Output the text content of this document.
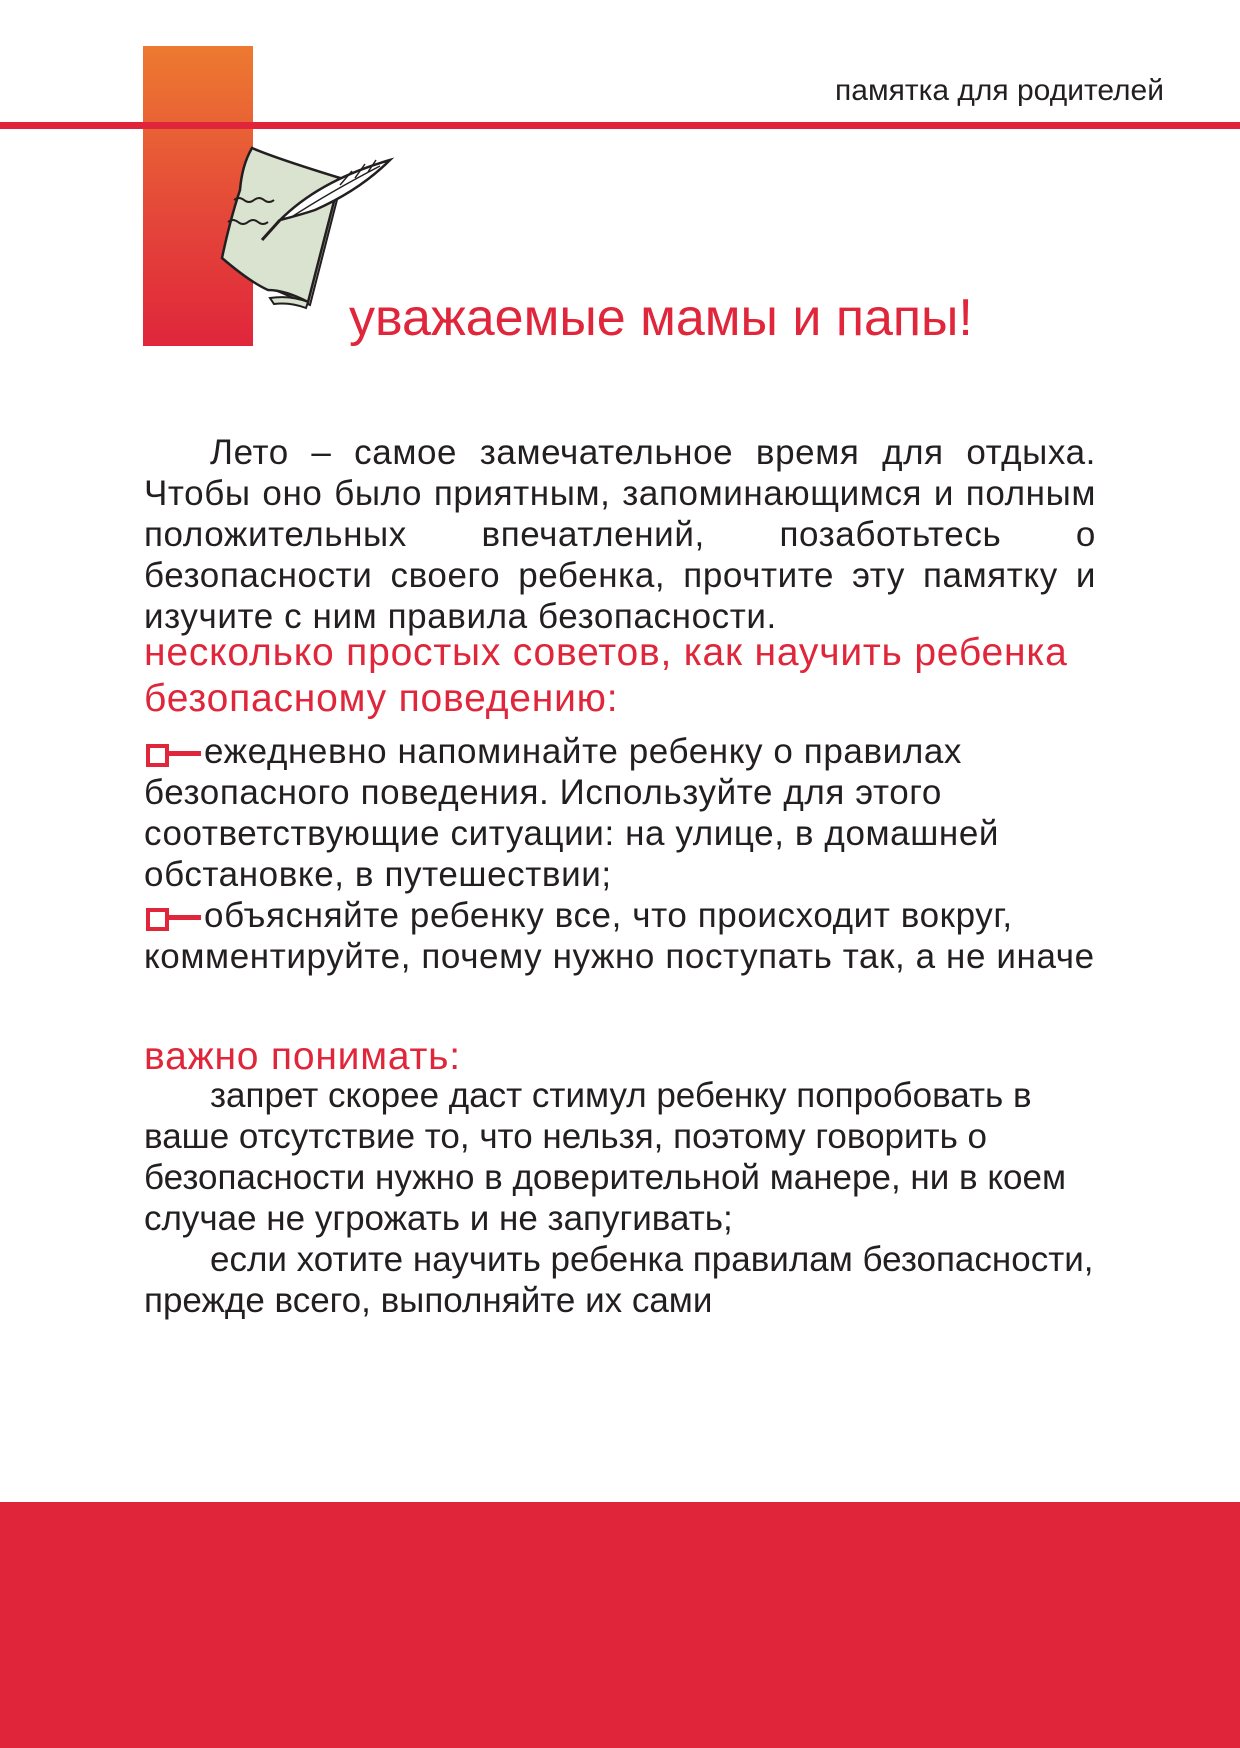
памятка для родителей
уважаемые мамы и папы!

Лето – самое замечательное время для отдыха. Чтобы оно было приятным, запоминающимся и полным положительных впечатлений, позаботьтесь о безопасности своего ребенка, прочтите эту памятку и изучите с ним правила безопасности.

несколько простых советов, как научить ребенка безопасному поведению:
ежедневно напоминайте ребенку о правилах безопасного поведения. Используйте для этого соответствующие ситуации: на улице, в домашней обстановке, в путешествии;
объясняйте ребенку все, что происходит вокруг, комментируйте, почему нужно поступать так, а не иначе
важно понимать:

запрет скорее даст стимул ребенку попробовать в ваше отсутствие то, что нельзя, поэтому говорить о безопасности нужно в доверительной манере, ни в коем случае не угрожать и не запугивать;

если хотите научить ребенка правилам безопасности, прежде всего, выполняйте их сами
